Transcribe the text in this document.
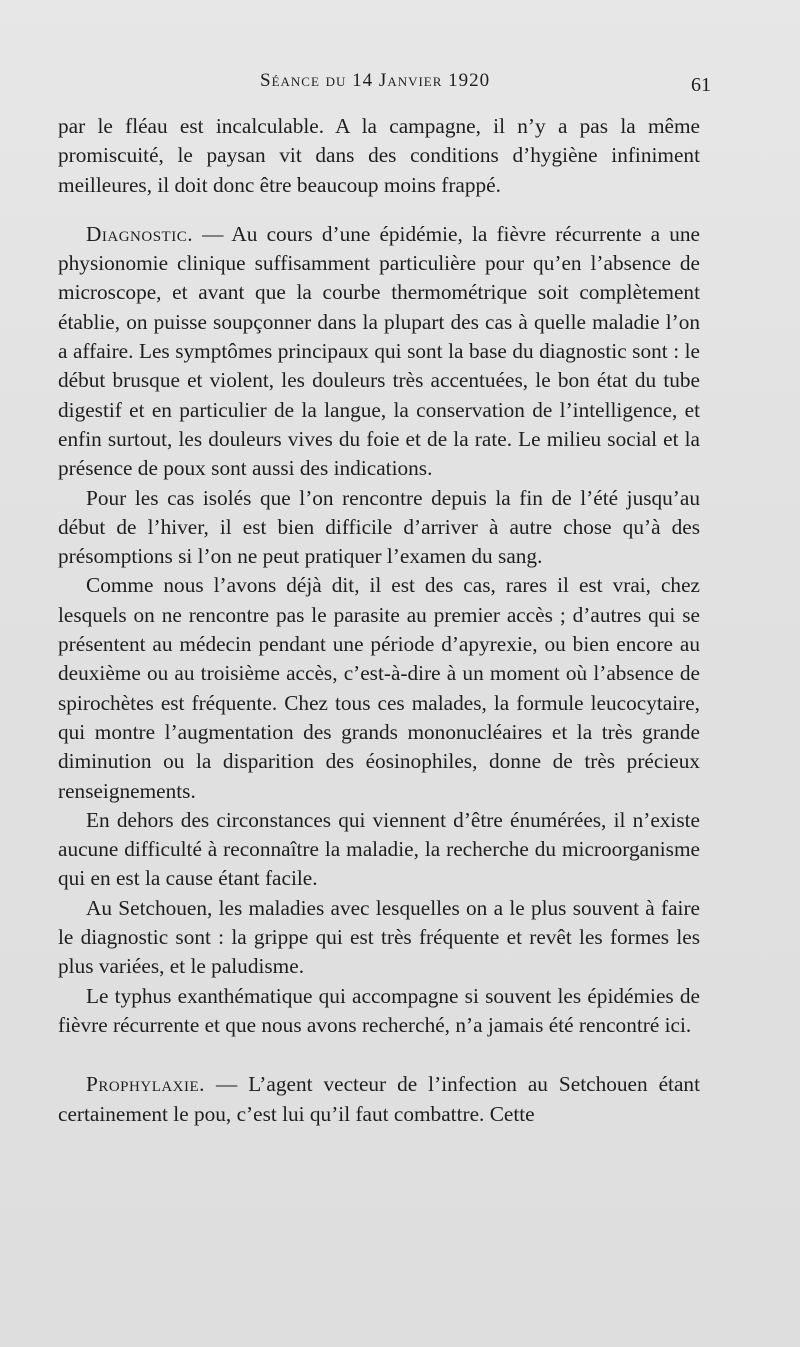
Séance du 14 Janvier 1920	61

par le fléau est incalculable. A la campagne, il n’y a pas la même promiscuité, le paysan vit dans des conditions d’hygiène infiniment meilleures, il doit donc être beaucoup moins frappé.

Diagnostic. — Au cours d’une épidémie, la fièvre récurrente a une physionomie clinique suffisamment particulière pour qu’en l’absence de microscope, et avant que la courbe thermométrique soit complètement établie, on puisse soupçonner dans la plupart des cas à quelle maladie l’on a affaire. Les symptômes principaux qui sont la base du diagnostic sont : le début brusque et violent, les douleurs très accentuées, le bon état du tube digestif et en particulier de la langue, la conservation de l’intelligence, et enfin surtout, les douleurs vives du foie et de la rate. Le milieu social et la présence de poux sont aussi des indications.

Pour les cas isolés que l’on rencontre depuis la fin de l’été jusqu’au début de l’hiver, il est bien difficile d’arriver à autre chose qu’à des présomptions si l’on ne peut pratiquer l’examen du sang.

Comme nous l’avons déjà dit, il est des cas, rares il est vrai, chez lesquels on ne rencontre pas le parasite au premier accès ; d’autres qui se présentent au médecin pendant une période d’apyrexie, ou bien encore au deuxième ou au troisième accès, c’est-à-dire à un moment où l’absence de spirochètes est fréquente. Chez tous ces malades, la formule leucocytaire, qui montre l’augmentation des grands mononucléaires et la très grande diminution ou la disparition des éosinophiles, donne de très précieux renseignements.

En dehors des circonstances qui viennent d’être énumérées, il n’existe aucune difficulté à reconnaître la maladie, la recherche du microorganisme qui en est la cause étant facile.

Au Setchouen, les maladies avec lesquelles on a le plus souvent à faire le diagnostic sont : la grippe qui est très fréquente et revêt les formes les plus variées, et le paludisme.

Le typhus exanthématique qui accompagne si souvent les épidémies de fièvre récurrente et que nous avons recherché, n’a jamais été rencontré ici.

Prophylaxie. — L’agent vecteur de l’infection au Setchouen étant certainement le pou, c’est lui qu’il faut combattre. Cette
